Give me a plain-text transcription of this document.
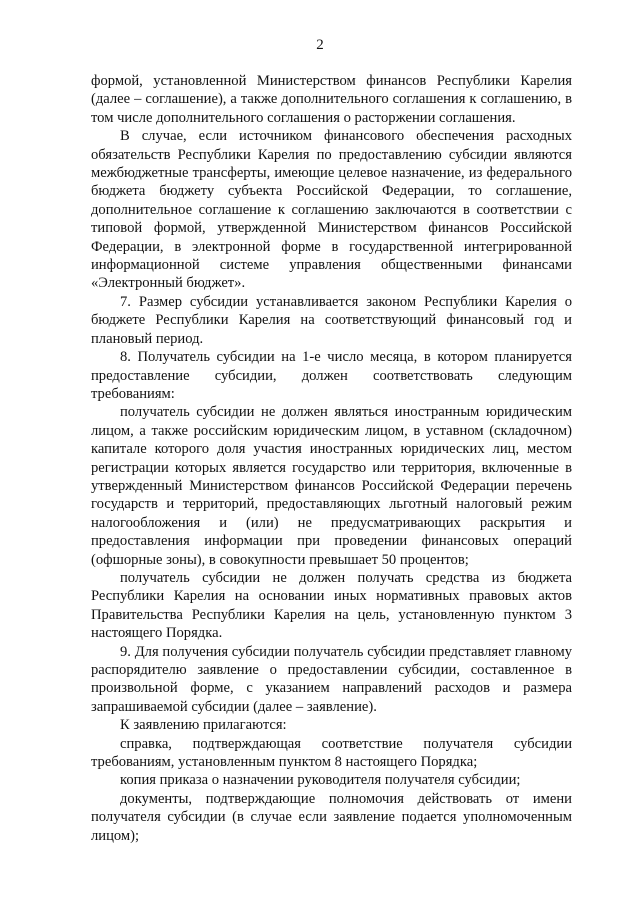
2

формой, установленной Министерством финансов Республики Карелия (далее – соглашение), а также дополнительного соглашения к соглашению, в том числе дополнительного соглашения о расторжении соглашения.

В случае, если источником финансового обеспечения расходных обязательств Республики Карелия по предоставлению субсидии являются межбюджетные трансферты, имеющие целевое назначение, из федерального бюджета бюджету субъекта Российской Федерации, то соглашение, дополнительное соглашение к соглашению заключаются в соответствии с типовой формой, утвержденной Министерством финансов Российской Федерации, в электронной форме в государственной интегрированной информационной системе управления общественными финансами «Электронный бюджет».

7. Размер субсидии устанавливается законом Республики Карелия о бюджете Республики Карелия на соответствующий финансовый год и плановый период.

8. Получатель субсидии на 1-е число месяца, в котором планируется предоставление субсидии, должен соответствовать следующим требованиям:

получатель субсидии не должен являться иностранным юридическим лицом, а также российским юридическим лицом, в уставном (складочном) капитале которого доля участия иностранных юридических лиц, местом регистрации которых является государство или территория, включенные в утвержденный Министерством финансов Российской Федерации перечень государств и территорий, предоставляющих льготный налоговый режим налогообложения и (или) не предусматривающих раскрытия и предоставления информации при проведении финансовых операций (офшорные зоны), в совокупности превышает 50 процентов;

получатель субсидии не должен получать средства из бюджета Республики Карелия на основании иных нормативных правовых актов Правительства Республики Карелия на цель, установленную пунктом 3 настоящего Порядка.

9. Для получения субсидии получатель субсидии представляет главному распорядителю заявление о предоставлении субсидии, составленное в произвольной форме, с указанием направлений расходов и размера запрашиваемой субсидии (далее – заявление).

К заявлению прилагаются:

справка, подтверждающая соответствие получателя субсидии требованиям, установленным пунктом 8 настоящего Порядка;

копия приказа о назначении руководителя получателя субсидии;

документы, подтверждающие полномочия действовать от имени получателя субсидии (в случае если заявление подается уполномоченным лицом);
